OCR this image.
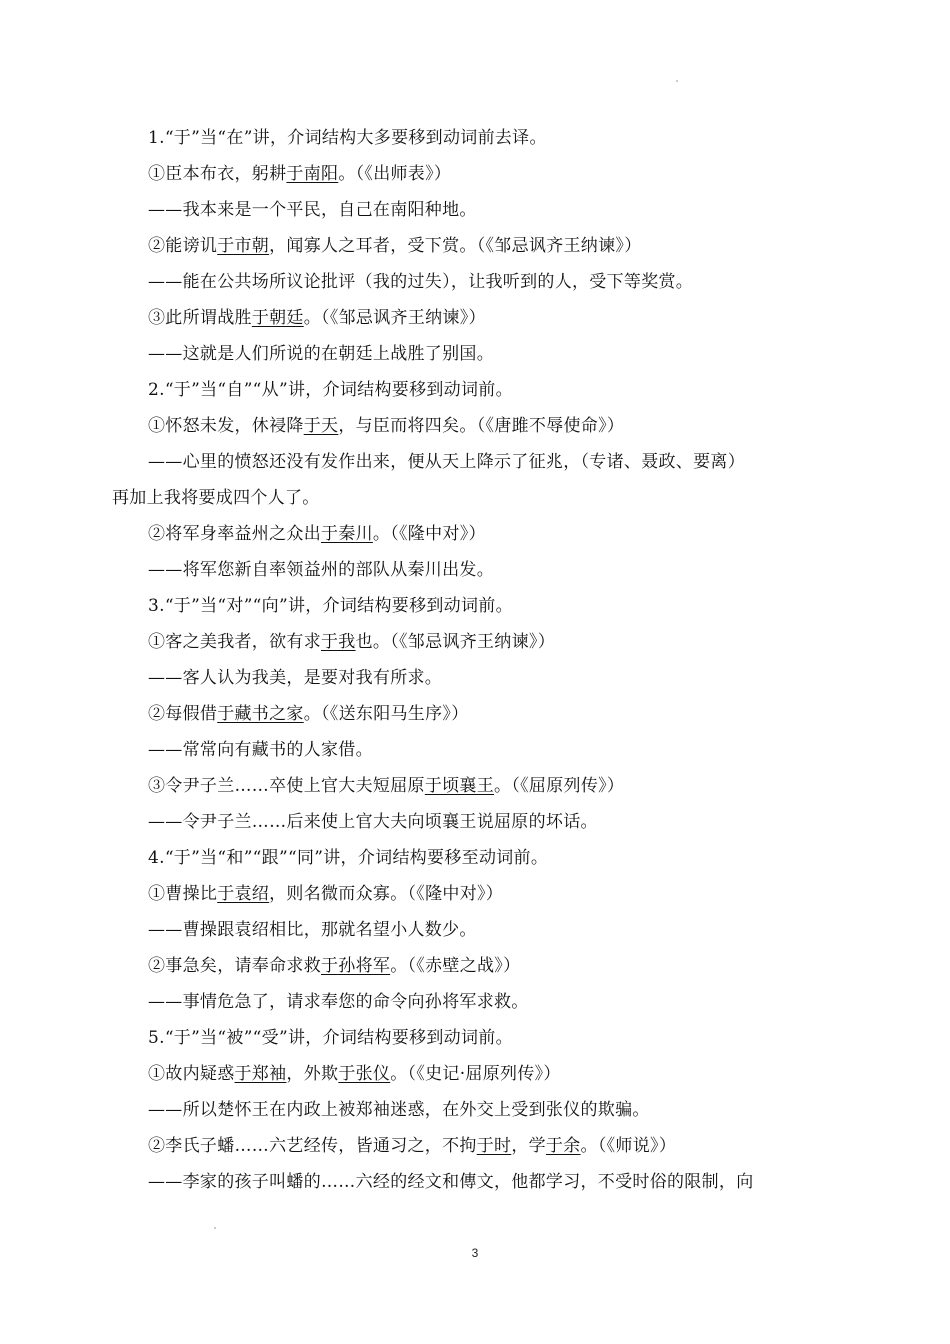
1.“于”当“在”讲，介词结构大多要移到动词前去译。
①臣本布衣，躬耕于南阳。（《出师表》）
——我本来是一个平民，自己在南阳种地。
②能谤讥于市朝，闻寡人之耳者，受下赏。（《邹忌讽齐王纳谏》）
——能在公共场所议论批评（我的过失），让我听到的人，受下等奖赏。
③此所谓战胜于朝廷。（《邹忌讽齐王纳谏》）
——这就是人们所说的在朝廷上战胜了别国。
2.“于”当“自”“从”讲，介词结构要移到动词前。
①怀怒未发，休祲降于天，与臣而将四矣。（《唐雎不辱使命》）
——心里的愤怒还没有发作出来，便从天上降示了征兆，（专诸、聂政、要离）
再加上我将要成四个人了。
②将军身率益州之众出于秦川。（《隆中对》）
——将军您新自率领益州的部队从秦川出发。
3.“于”当“对”“向”讲，介词结构要移到动词前。
①客之美我者，欲有求于我也。（《邹忌讽齐王纳谏》）
——客人认为我美，是要对我有所求。
②每假借于藏书之家。（《送东阳马生序》）
——常常向有藏书的人家借。
③令尹子兰……卒使上官大夫短屈原于顷襄王。（《屈原列传》）
——令尹子兰……后来使上官大夫向顷襄王说屈原的坏话。
4.“于”当“和”“跟”“同”讲，介词结构要移至动词前。
①曹操比于袁绍，则名微而众寡。（《隆中对》）
——曹操跟袁绍相比，那就名望小人数少。
②事急矣，请奉命求救于孙将军。（《赤壁之战》）
——事情危急了，请求奉您的命令向孙将军求救。
5.“于”当“被”“受”讲，介词结构要移到动词前。
①故内疑惑于郑袖，外欺于张仪。（《史记·屈原列传》）
——所以楚怀王在内政上被郑袖迷惑，在外交上受到张仪的欺骗。
②李氏子蟠……六艺经传，皆通习之，不拘于时，学于余。（《师说》）
——李家的孩子叫蟠的……六经的经文和傳文，他都学习，不受时俗的限制，向
3
